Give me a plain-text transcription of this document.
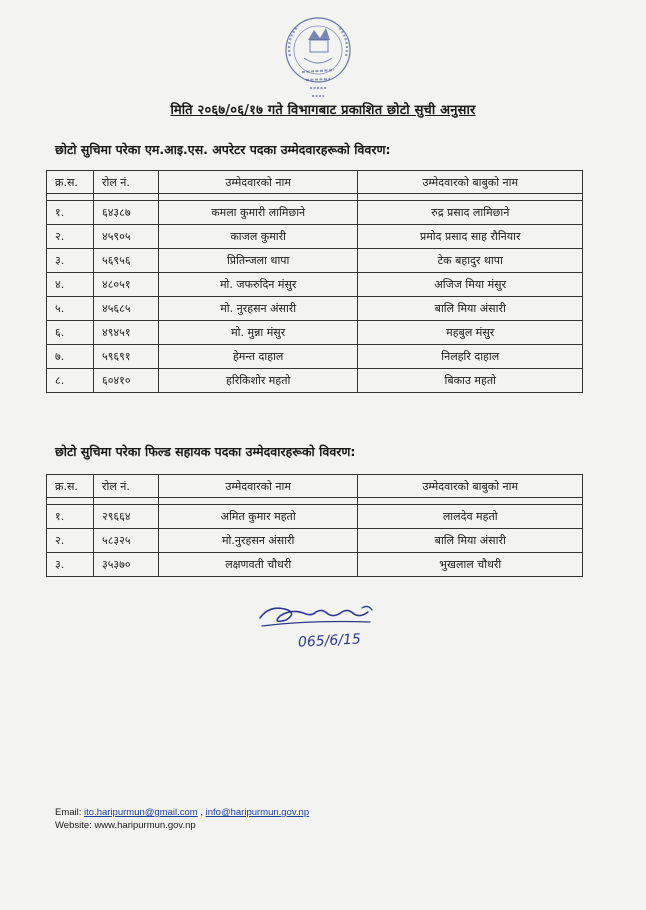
मिति २०६७/०६/१७ गते विभागबाट प्रकाशित छोटो सुची अनुसार
छोटो सुचिमा परेका एम.आइ.एस. अपरेटर पदका उम्मेदवारहरूको विवरण:
क्र.स.	रोल नं.	उम्मेदवारको नाम	उम्मेदवारको बाबुको नाम

१.	६४३८७	कमला कुमारी लामिछाने	रुद्र प्रसाद लामिछाने
२.	४५९०५	काजल कुमारी	प्रमोद प्रसाद साह रौनियार
३.	५६९५६	प्रितिन्जला थापा	टेक बहादुर थापा
४.	४८०५१	मो. जफरुदिन मंसुर	अजिज मिया मंसुर
५.	४५६८५	मो. नुरहसन अंसारी	बालि मिया अंसारी
६.	४९४५१	मो. मुन्ना मंसुर	महबुल मंसुर
७.	५९६९१	हेमन्त दाहाल	निलहरि दाहाल
८.	६०४१०	हरिकिशोर महतो	बिकाउ महतो
छोटो सुचिमा परेका फिल्ड सहायक पदका उम्मेदवारहरूको विवरण:
क्र.स.	रोल नं.	उम्मेदवारको नाम	उम्मेदवारको बाबुको नाम

१.	२९६६४	अमित कुमार महतो	लालदेव महतो
२.	५८३२५	मो.नुरहसन अंसारी	बालि मिया अंसारी
३.	३५३७०	लक्षणवती चौधरी	भुखलाल चौधरी
065/6/15
Email: ito.haripurmun@gmail.com , info@haripurmun.gov.np
Website: www.haripurmun.gov.np
